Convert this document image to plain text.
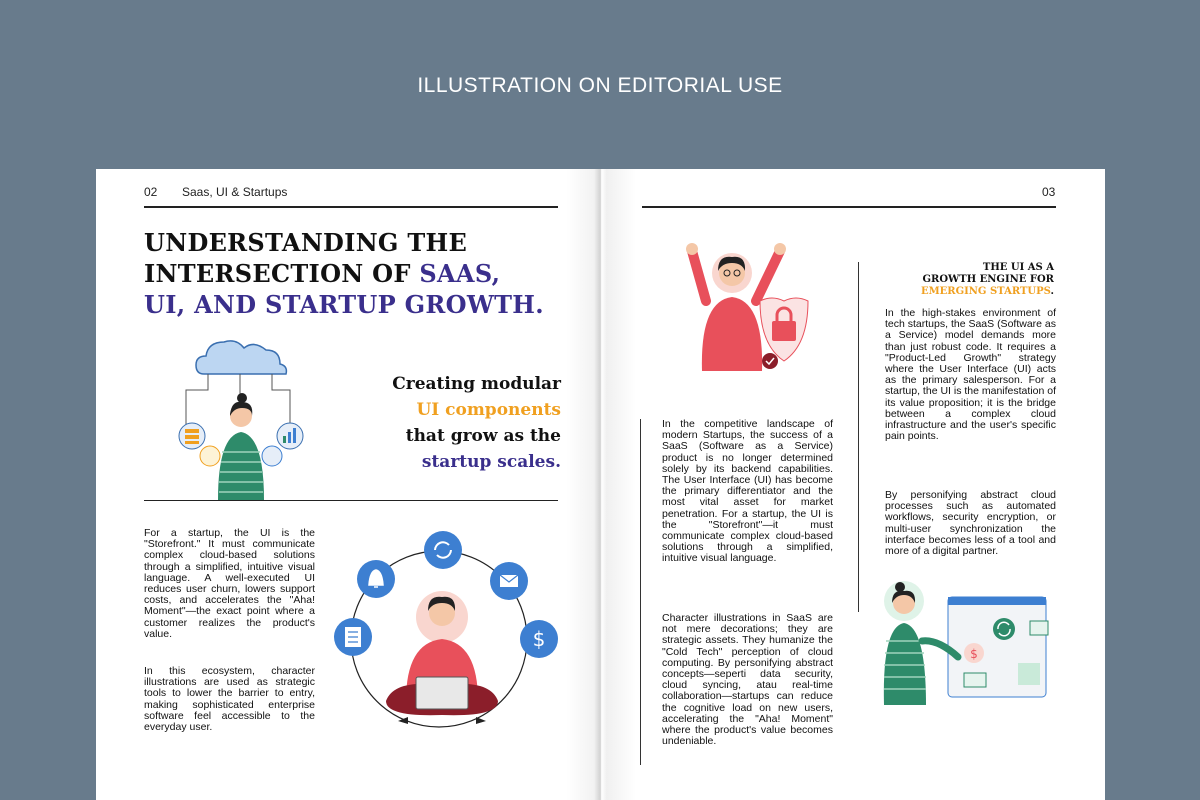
ILLUSTRATION ON EDITORIAL USE
02 Saas, UI & Startups
UNDERSTANDING THE
INTERSECTION OF SAAS,
UI, AND STARTUP GROWTH.
Creating modular
UI components
that grow as the
startup scales.

For a startup, the UI is the "Storefront." It must communicate complex cloud-based solutions through a simplified, intuitive visual language. A well-executed UI reduces user churn, lowers support costs, and accelerates the "Aha! Moment"—the exact point where a customer realizes the product's value.

In this ecosystem, character illustrations are used as strategic tools to lower the barrier to entry, making sophisticated enterprise software feel accessible to the everyday user.

$
03

In the competitive landscape of modern Startups, the success of a SaaS (Software as a Service) product is no longer determined solely by its backend capabilities. The User Interface (UI) has become the primary differentiator and the most vital asset for market penetration. For a startup, the UI is the "Storefront"—it must communicate complex cloud-based solutions through a simplified, intuitive visual language.

Character illustrations in SaaS are not mere decorations; they are strategic assets. They humanize the "Cold Tech" perception of cloud computing. By personifying abstract concepts—seperti data security, cloud syncing, atau real-time collaboration—startups can reduce the cognitive load on new users, accelerating the "Aha! Moment" where the product's value becomes undeniable.

THE UI AS A
GROWTH ENGINE FOR
EMERGING STARTUPS.

In the high-stakes environment of tech startups, the SaaS (Software as a Service) model demands more than just robust code. It requires a "Product-Led Growth" strategy where the User Interface (UI) acts as the primary salesperson. For a startup, the UI is the manifestation of its value proposition; it is the bridge between a complex cloud infrastructure and the user's specific pain points.

By personifying abstract cloud processes such as automated workflows, security encryption, or multi-user synchronization the interface becomes less of a tool and more of a digital partner.

$
